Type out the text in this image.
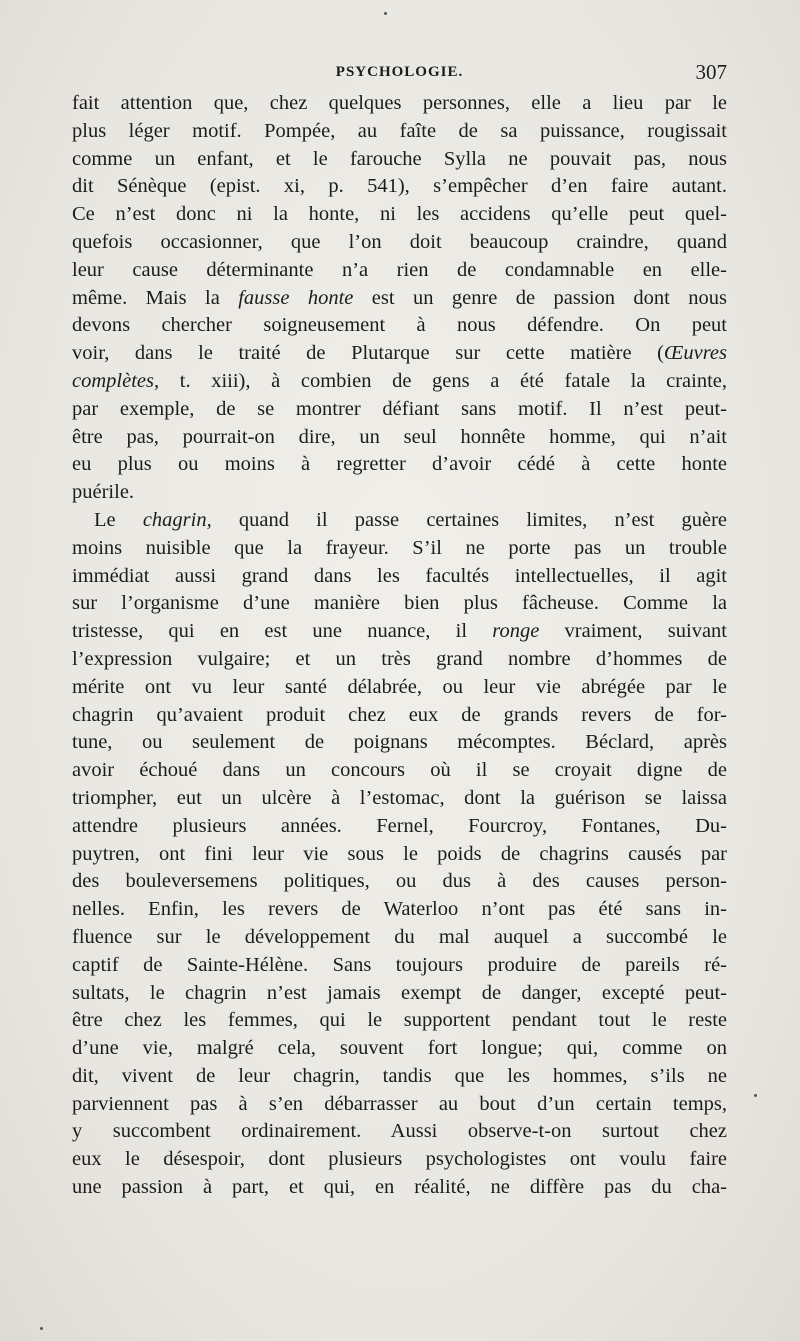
PSYCHOLOGIE.	307
fait attention que, chez quelques personnes, elle a lieu par le
plus léger motif. Pompée, au faîte de sa puissance, rougissait
comme un enfant, et le farouche Sylla ne pouvait pas, nous
dit Sénèque (epist. xi, p. 541), s’empêcher d’en faire autant.
Ce n’est donc ni la honte, ni les accidens qu’elle peut quel-
quefois occasionner, que l’on doit beaucoup craindre, quand
leur cause déterminante n’a rien de condamnable en elle-
même. Mais la fausse honte est un genre de passion dont nous
devons chercher soigneusement à nous défendre. On peut
voir, dans le traité de Plutarque sur cette matière (Œuvres
complètes, t. xiii), à combien de gens a été fatale la crainte,
par exemple, de se montrer défiant sans motif. Il n’est peut-
être pas, pourrait-on dire, un seul honnête homme, qui n’ait
eu plus ou moins à regretter d’avoir cédé à cette honte
puérile.
Le chagrin, quand il passe certaines limites, n’est guère
moins nuisible que la frayeur. S’il ne porte pas un trouble
immédiat aussi grand dans les facultés intellectuelles, il agit
sur l’organisme d’une manière bien plus fâcheuse. Comme la
tristesse, qui en est une nuance, il ronge vraiment, suivant
l’expression vulgaire; et un très grand nombre d’hommes de
mérite ont vu leur santé délabrée, ou leur vie abrégée par le
chagrin qu’avaient produit chez eux de grands revers de for-
tune, ou seulement de poignans mécomptes. Béclard, après
avoir échoué dans un concours où il se croyait digne de
triompher, eut un ulcère à l’estomac, dont la guérison se laissa
attendre plusieurs années. Fernel, Fourcroy, Fontanes, Du-
puytren, ont fini leur vie sous le poids de chagrins causés par
des bouleversemens politiques, ou dus à des causes person-
nelles. Enfin, les revers de Waterloo n’ont pas été sans in-
fluence sur le développement du mal auquel a succombé le
captif de Sainte-Hélène. Sans toujours produire de pareils ré-
sultats, le chagrin n’est jamais exempt de danger, excepté peut-
être chez les femmes, qui le supportent pendant tout le reste
d’une vie, malgré cela, souvent fort longue; qui, comme on
dit, vivent de leur chagrin, tandis que les hommes, s’ils ne
parviennent pas à s’en débarrasser au bout d’un certain temps,
y succombent ordinairement. Aussi observe-t-on surtout chez
eux le désespoir, dont plusieurs psychologistes ont voulu faire
une passion à part, et qui, en réalité, ne diffère pas du cha-
